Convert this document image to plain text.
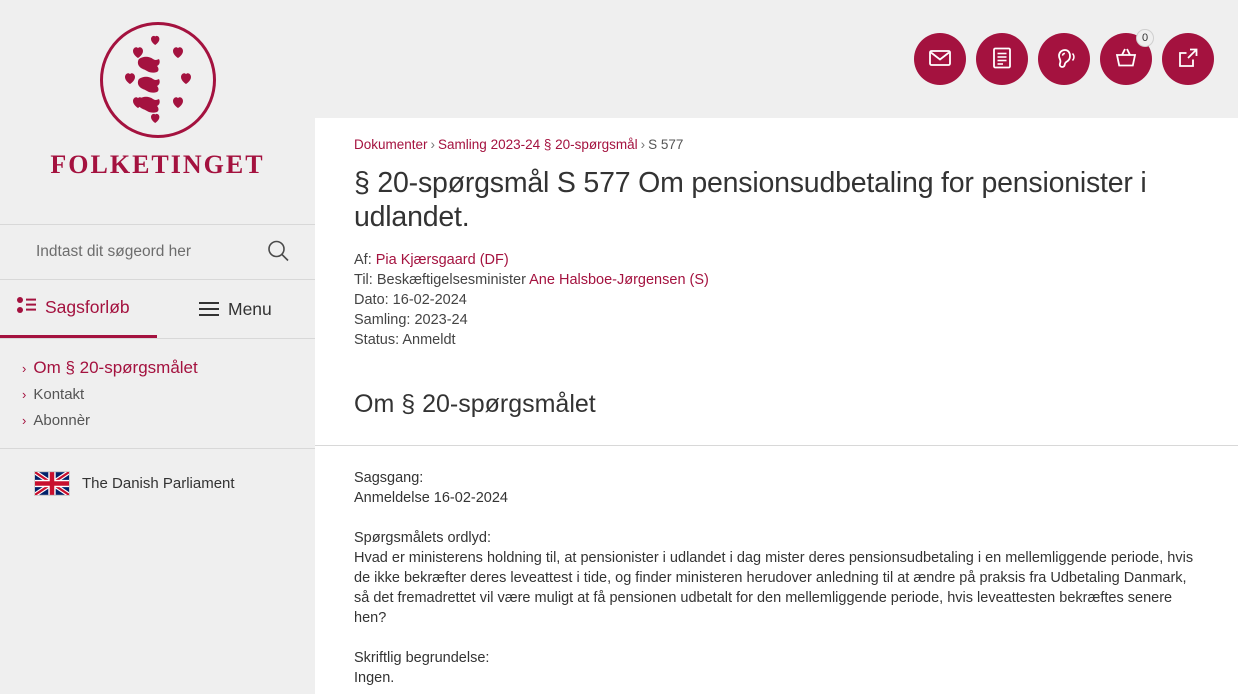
FOLKETINGET
Indtast dit søgeord her
Sagsforløb	Menu
› Om § 20-spørgsmålet
› Kontakt
› Abonnèr
The Danish Parliament
0
Dokumenter › Samling 2023-24 § 20-spørgsmål › S 577
§ 20-spørgsmål S 577 Om pensionsudbetaling for pensionister i udlandet.
Af: Pia Kjærsgaard (DF)
Til: Beskæftigelsesminister Ane Halsboe-Jørgensen (S)
Dato: 16-02-2024
Samling: 2023-24
Status: Anmeldt
Om § 20-spørgsmålet

Sagsgang:

Anmeldelse 16-02-2024

Spørgsmålets ordlyd:

Hvad er ministerens holdning til, at pensionister i udlandet i dag mister deres pensionsudbetaling i en mellemliggende periode, hvis de ikke bekræfter deres leveattest i tide, og finder ministeren herudover anledning til at ændre på praksis fra Udbetaling Danmark, så det fremadrettet vil være muligt at få pensionen udbetalt for den mellemliggende periode, hvis leveattesten bekræftes senere hen?

Skriftlig begrundelse:

Ingen.
